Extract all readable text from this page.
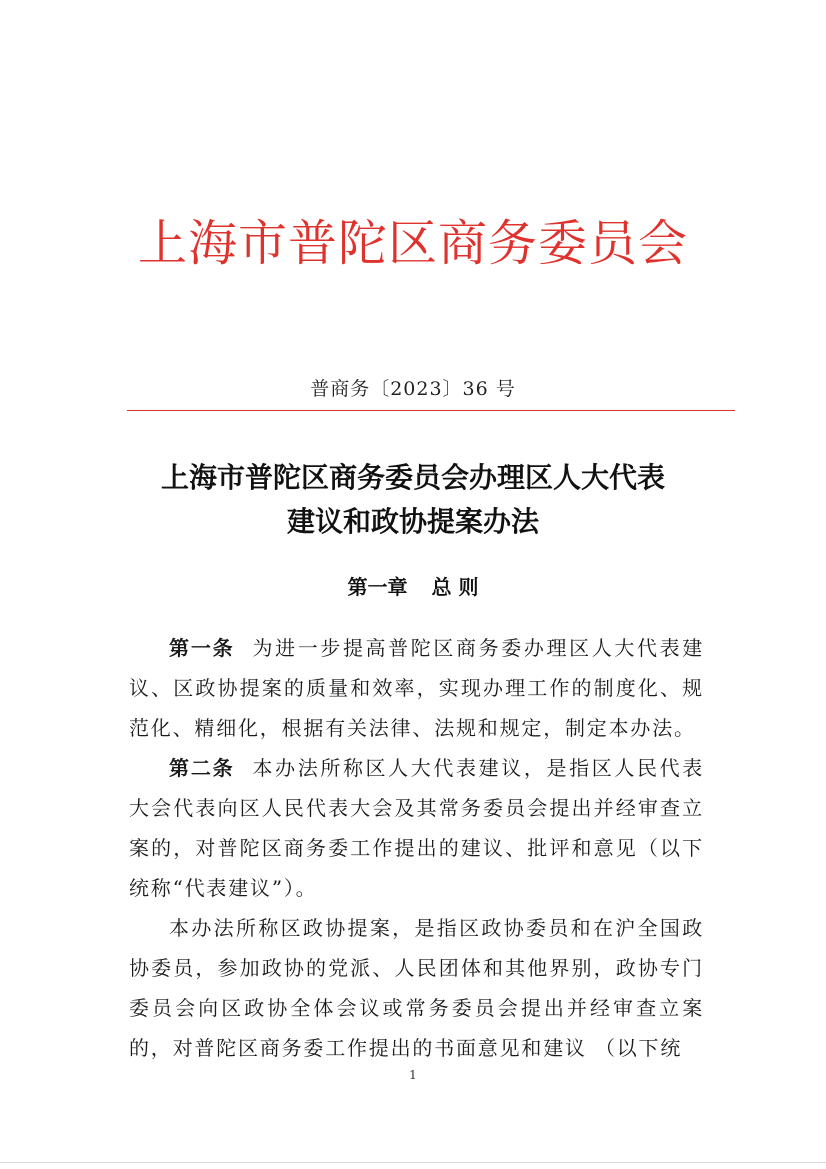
上海市普陀区商务委员会
普商务〔2023〕36 号
上海市普陀区商务委员会办理区人大代表
建议和政协提案办法
第一章 总 则

第一条 为进一步提高普陀区商务委办理区人大代表建议、区政协提案的质量和效率，实现办理工作的制度化、规范化、精细化，根据有关法律、法规和规定，制定本办法。

第二条 本办法所称区人大代表建议，是指区人民代表大会代表向区人民代表大会及其常务委员会提出并经审查立案的，对普陀区商务委工作提出的建议、批评和意见（以下统称“代表建议”）。

本办法所称区政协提案，是指区政协委员和在沪全国政协委员，参加政协的党派、人民团体和其他界别，政协专门委员会向区政协全体会议或常务委员会提出并经审查立案的，对普陀区商务委工作提出的书面意见和建议 （以下统

1
